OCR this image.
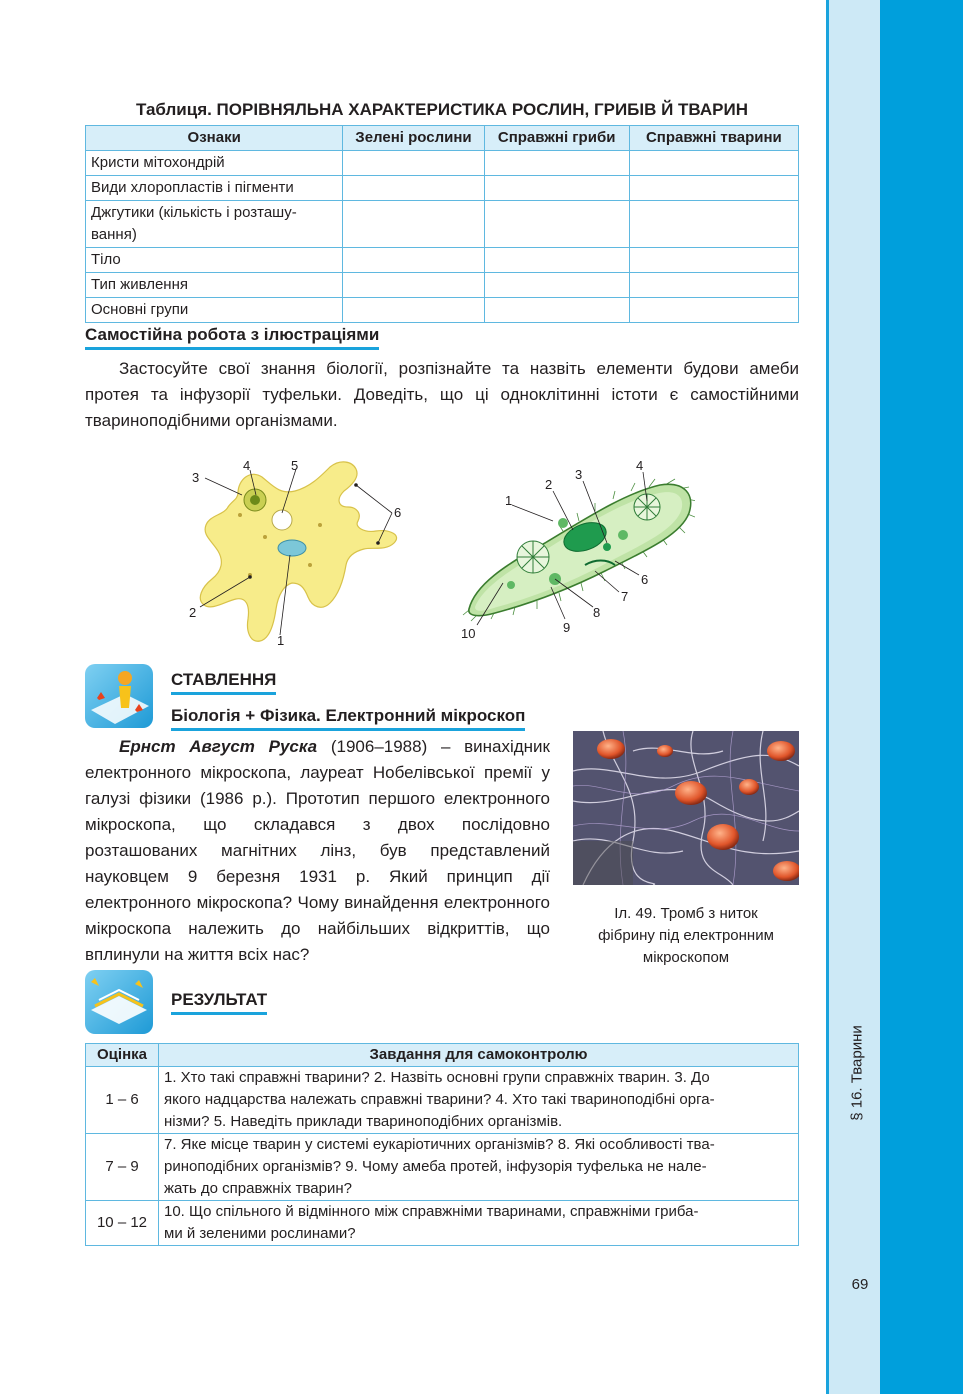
§ 16. Тварини
69
Таблиця. ПОРІВНЯЛЬНА ХАРАКТЕРИСТИКА РОСЛИН, ГРИБІВ Й ТВАРИН
Ознаки	Зелені рослини	Справжні гриби	Справжні тварини
Кристи мітохондрій			
Види хлоропластів і пігменти			
Джгутики (кількість і розташу-
вання)			
Тіло			
Тип живлення			
Основні групи			
Самостійна робота з ілюстраціями
Застосуйте свої знання біології, розпізнайте та назвіть елементи будови амеби протея та інфузорії туфельки. Доведіть, що ці одноклітинні істоти є самостійними твариноподібними організмами.
3
4	5
6
2
1
1
2
3
4
6
7
8
9
10
СТАВЛЕННЯ
Біологія + Фізика. Електронний мікроскоп
Ернст Август Руска (1906–1988) – винахідник електронного мікроскопа, лауреат Нобелівської премії у галузі фізики (1986 р.). Прототип першого електронного мікроскопа, що складався з двох послідовно розташованих магнітних лінз, був представлений науковцем 9 березня 1931 р. Який принцип дії електронного мікроскопа? Чому винайдення електронного мікроскопа належить до найбільших відкриттів, що вплинули на життя всіх нас?
Іл. 49. Тромб з ниток
фібрину під електронним
мікроскопом
РЕЗУЛЬТАТ
Оцінка	Завдання для самоконтролю
1 – 6	1. Хто такі справжні тварини? 2. Назвіть основні групи справжніх тварин. 3. До
якого надцарства належать справжні тварини? 4. Хто такі твариноподібні орга-
нізми? 5. Наведіть приклади твариноподібних організмів.

7 – 9	7. Яке місце тварин у системі еукаріотичних організмів? 8. Які особливості тва-
риноподібних організмів? 9. Чому амеба протей, інфузорія туфелька не нале-
жать до справжніх тварин?

10 – 12	10. Що спільного й відмінного між справжніми тваринами, справжніми гриба-
ми й зеленими рослинами?
